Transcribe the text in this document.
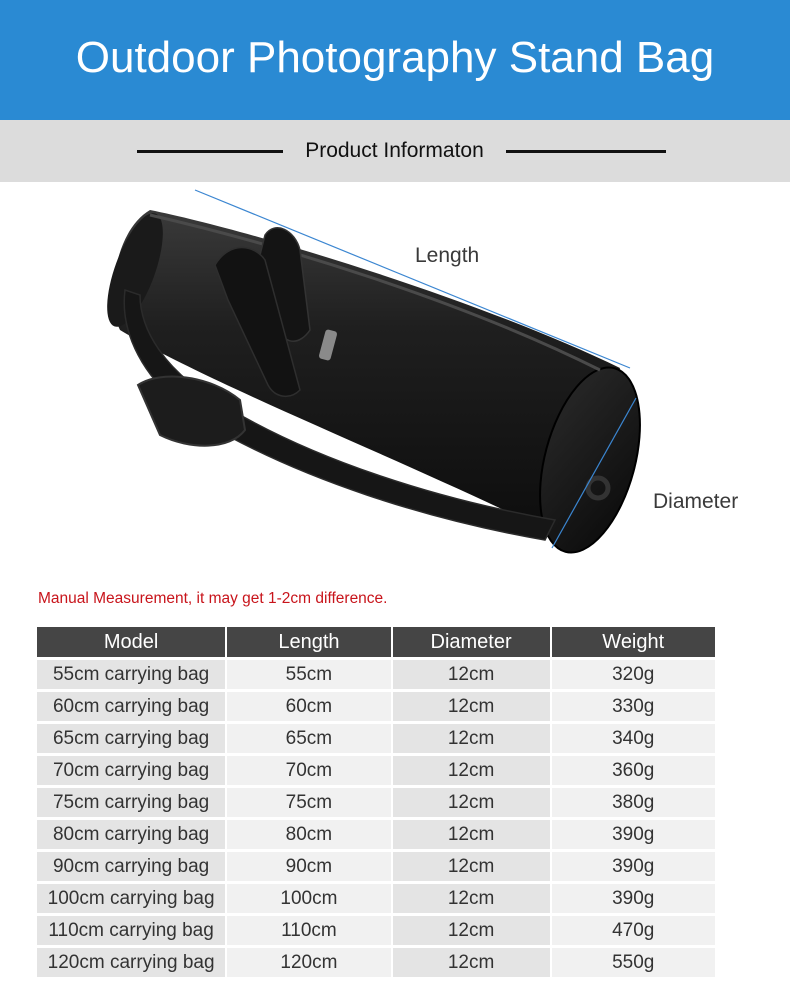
Outdoor Photography Stand Bag
Product Informaton
Length
Diameter
Manual Measurement, it may get 1-2cm difference.
Model	Length	Diameter	Weight
55cm carrying bag	55cm	12cm	320g
60cm carrying bag	60cm	12cm	330g
65cm carrying bag	65cm	12cm	340g
70cm carrying bag	70cm	12cm	360g
75cm carrying bag	75cm	12cm	380g
80cm carrying bag	80cm	12cm	390g
90cm carrying bag	90cm	12cm	390g
100cm carrying bag	100cm	12cm	390g
110cm carrying bag	110cm	12cm	470g
120cm carrying bag	120cm	12cm	550g
